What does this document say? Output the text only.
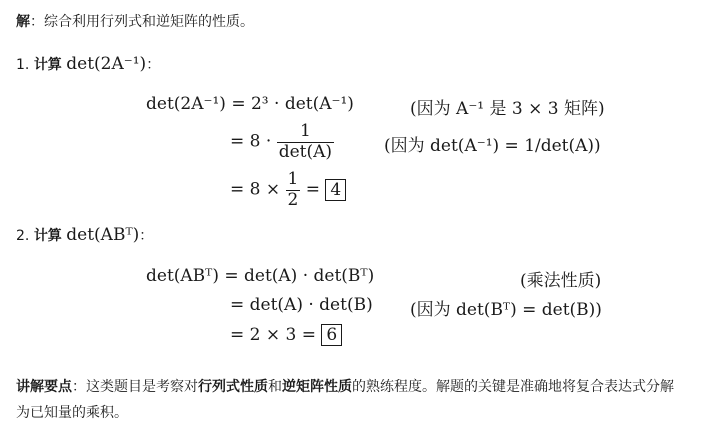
解：综合利用行列式和逆矩阵的性质。
1. 计算 det(2A⁻¹)：
det(2A⁻¹) = 2³ · det(A⁻¹)	(因为 A⁻¹ 是 3 × 3 矩阵)
= $8 \cdot \frac{1}{\det(A)}$	(因为 det(A⁻¹) = 1/det(A))
= $8 \times \frac{1}{2} = 4$
2. 计算 det(ABᵀ)：
det(ABᵀ) = det(A) · det(Bᵀ)	(乘法性质)
= det(A) · det(B) (因为 det(Bᵀ) = det(B))
= 2 × 3 = 6
讲解要点：这类题目是考察对行列式性质和逆矩阵性质的熟练程度。解题的关键是准确地将复合表达式分解
为已知量的乘积。
